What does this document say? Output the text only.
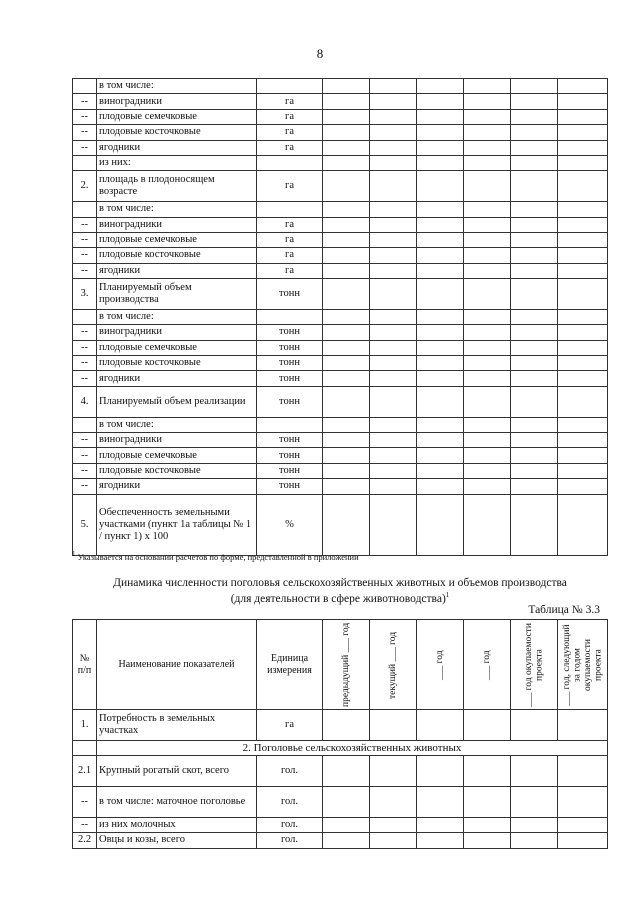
8
	в том числе:							
--	виноградники	га						
--	плодовые семечковые	га						
--	плодовые косточковые	га						
--	ягодники	га						
	из них:							
2.	площадь в плодоносящем возрасте	га						
	в том числе:							
--	виноградники	га						
--	плодовые семечковые	га						
--	плодовые косточковые	га						
--	ягодники	га						
3.	Планируемый объем производства	тонн						
	в том числе:							
--	виноградники	тонн						
--	плодовые семечковые	тонн						
--	плодовые косточковые	тонн						
--	ягодники	тонн						
4.	Планируемый объем реализации	тонн						
	в том числе:							
--	виноградники	тонн						
--	плодовые семечковые	тонн						
--	плодовые косточковые	тонн						
--	ягодники	тонн						
5.	Обеспеченность земельными участками (пункт 1а таблицы № 1 / пункт 1) х 100	%						
$^1$ Указывается на основании расчетов по форме, представленной в приложении
Динамика численности поголовья сельскохозяйственных животных и объемов производства
(для деятельности в сфере животноводства)$^1$
Таблица № 3.3
№ п/п	Наименование показателей	Единица измерения	предыдущий ___ год	текущий ___ год	___ год	___ год	___ год окупаемости проекта	___ год, следующий за годом окупаемости проекта

1.	Потребность в земельных участках	га						
	2. Поголовье сельскохозяйственных животных							
2.1	Крупный рогатый скот, всего	гол.						
--	в том числе: маточное поголовье	гол.						
--	из них молочных	гол.						
2.2	Овцы и козы, всего	гол.						
